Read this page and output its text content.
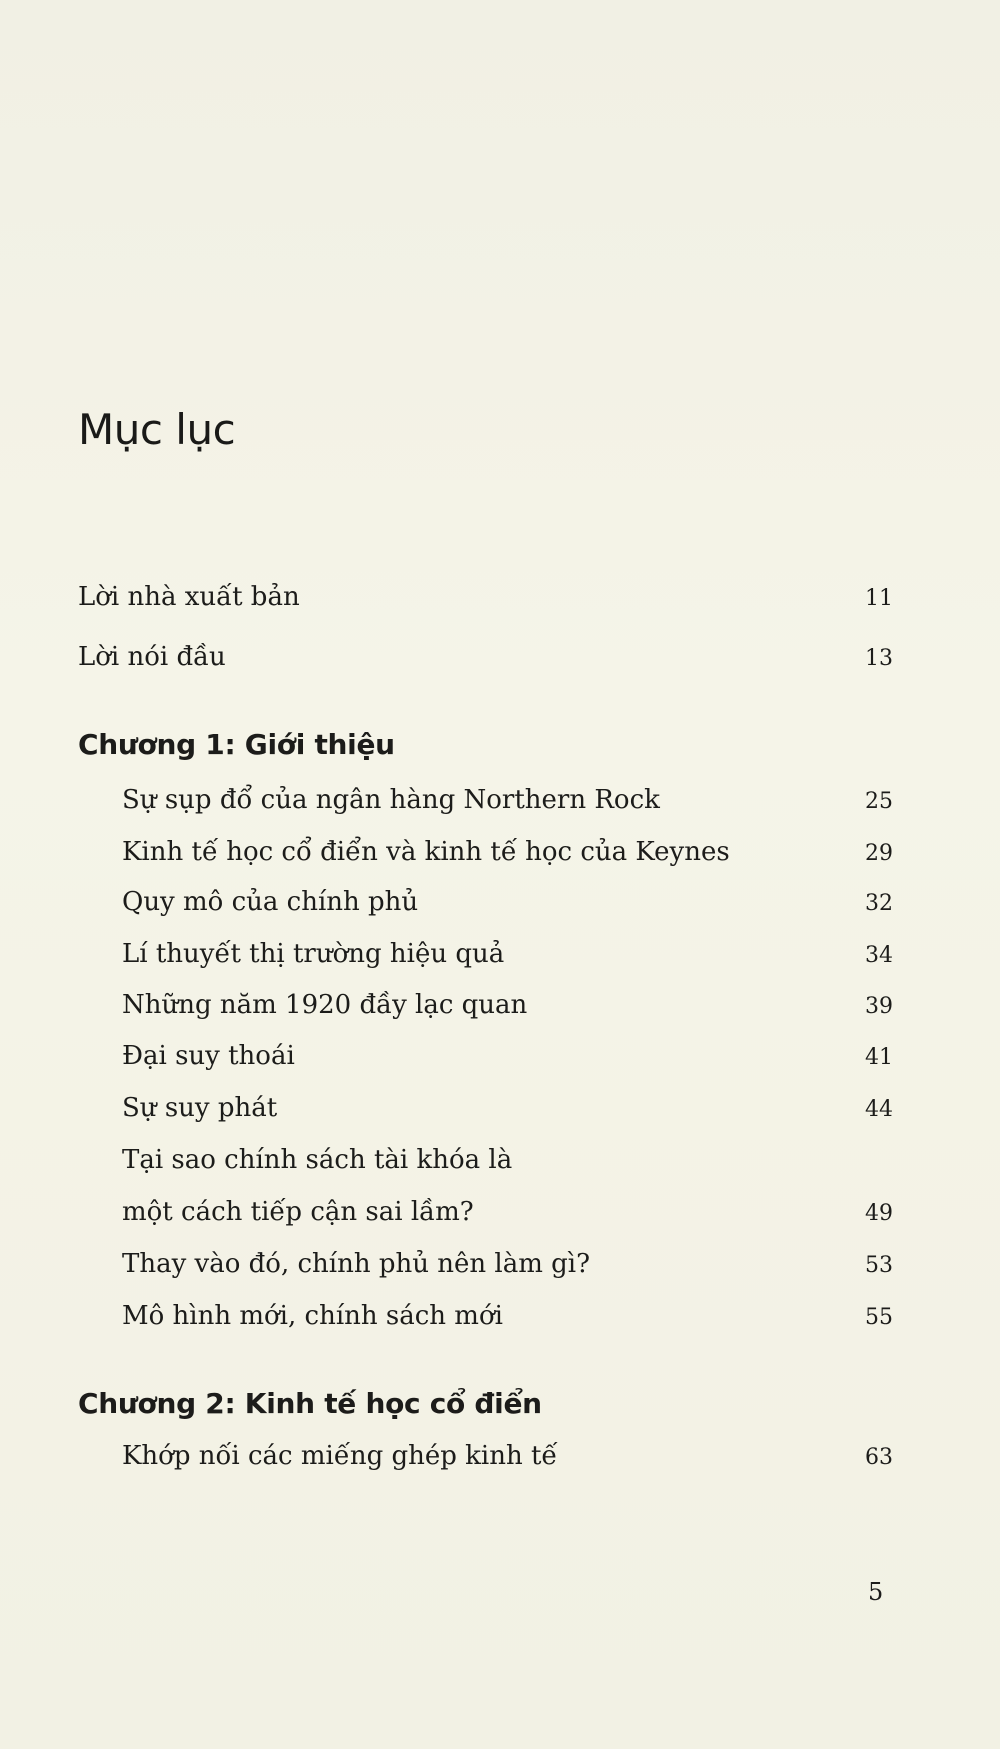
Mục lục
Lời nhà xuất bản	11
Lời nói đầu	13
Chương 1: Giới thiệu
Sự sụp đổ của ngân hàng Northern Rock	25
Kinh tế học cổ điển và kinh tế học của Keynes	29
Quy mô của chính phủ	32
Lí thuyết thị trường hiệu quả	34
Những năm 1920 đầy lạc quan	39
Đại suy thoái	41
Sự suy phát	44
Tại sao chính sách tài khóa là
một cách tiếp cận sai lầm?	49
Thay vào đó, chính phủ nên làm gì?	53
Mô hình mới, chính sách mới	55
Chương 2: Kinh tế học cổ điển
Khớp nối các miếng ghép kinh tế	63
5
